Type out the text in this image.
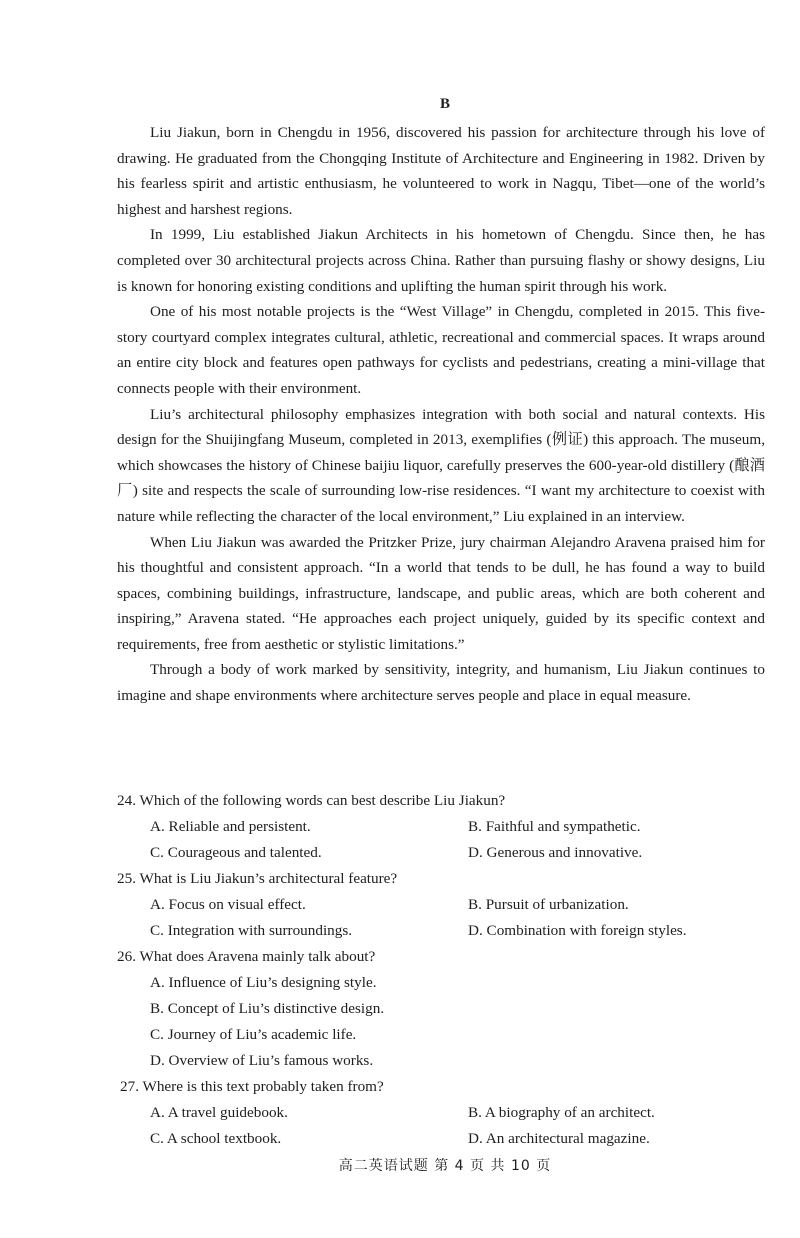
B

Liu Jiakun, born in Chengdu in 1956, discovered his passion for architecture through his love of drawing. He graduated from the Chongqing Institute of Architecture and Engineering in 1982. Driven by his fearless spirit and artistic enthusiasm, he volunteered to work in Nagqu, Tibet—one of the world’s highest and harshest regions.

In 1999, Liu established Jiakun Architects in his hometown of Chengdu. Since then, he has completed over 30 architectural projects across China. Rather than pursuing flashy or showy designs, Liu is known for honoring existing conditions and uplifting the human spirit through his work.

One of his most notable projects is the “West Village” in Chengdu, completed in 2015. This five-story courtyard complex integrates cultural, athletic, recreational and commercial spaces. It wraps around an entire city block and features open pathways for cyclists and pedestrians, creating a mini-village that connects people with their environment.

Liu’s architectural philosophy emphasizes integration with both social and natural contexts. His design for the Shuijingfang Museum, completed in 2013, exemplifies (例证) this approach. The museum, which showcases the history of Chinese baijiu liquor, carefully preserves the 600-year-old distillery (酿酒厂) site and respects the scale of surrounding low-rise residences. “I want my architecture to coexist with nature while reflecting the character of the local environment,” Liu explained in an interview.

When Liu Jiakun was awarded the Pritzker Prize, jury chairman Alejandro Aravena praised him for his thoughtful and consistent approach. “In a world that tends to be dull, he has found a way to build spaces, combining buildings, infrastructure, landscape, and public areas, which are both coherent and inspiring,” Aravena stated. “He approaches each project uniquely, guided by its specific context and requirements, free from aesthetic or stylistic limitations.”

Through a body of work marked by sensitivity, integrity, and humanism, Liu Jiakun continues to imagine and shape environments where architecture serves people and place in equal measure.

24. Which of the following words can best describe Liu Jiakun?
A. Reliable and persistent.	B. Faithful and sympathetic.
C. Courageous and talented.	D. Generous and innovative.
25. What is Liu Jiakun’s architectural feature?
A. Focus on visual effect.	B. Pursuit of urbanization.
C. Integration with surroundings.	D. Combination with foreign styles.
26. What does Aravena mainly talk about?
A. Influence of Liu’s designing style.
B. Concept of Liu’s distinctive design.
C. Journey of Liu’s academic life.
D. Overview of Liu’s famous works.
27. Where is this text probably taken from?
A. A travel guidebook.	B. A biography of an architect.
C. A school textbook.	D. An architectural magazine.
高二英语试题 第 4 页 共 10 页
